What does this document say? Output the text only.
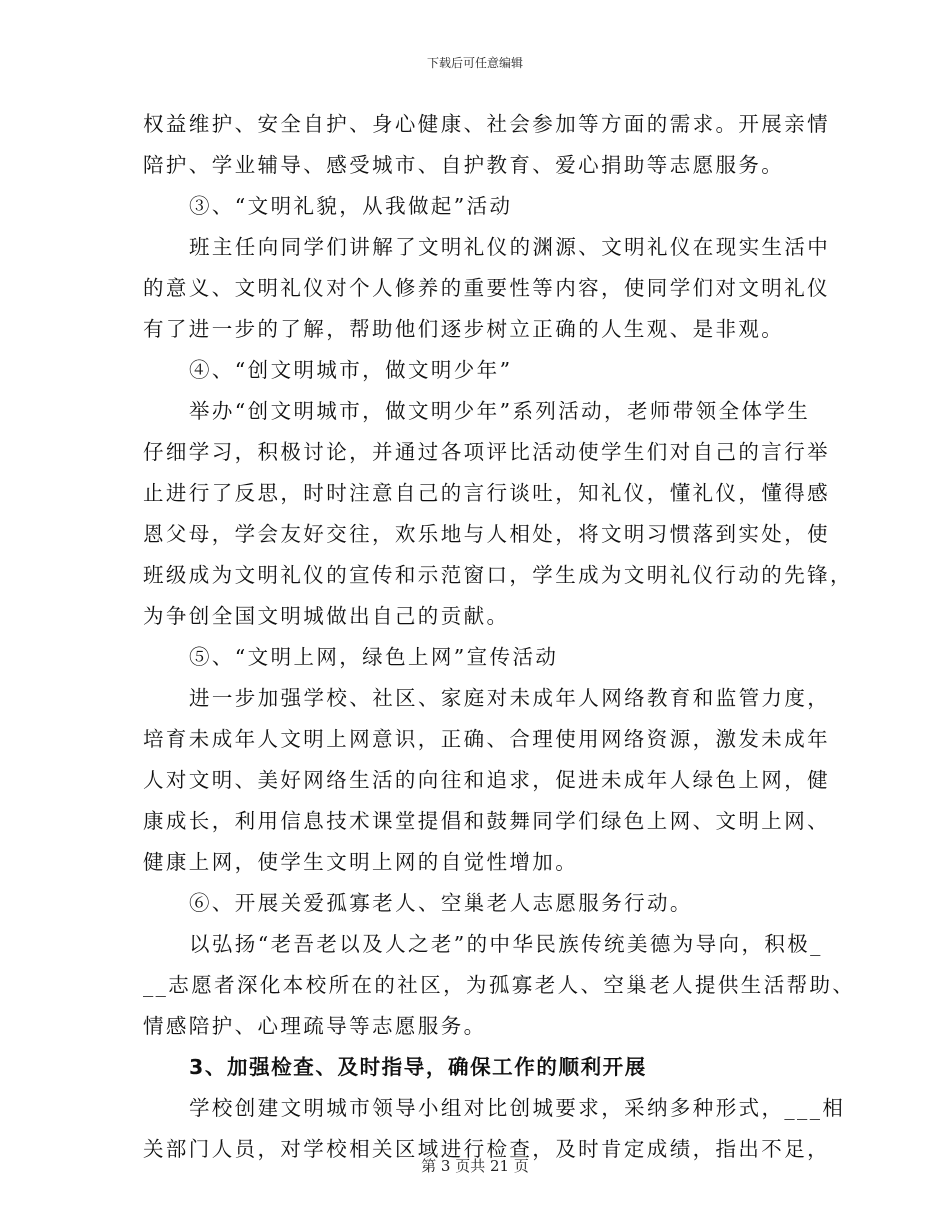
下载后可任意编辑
权益维护、安全自护、身心健康、社会参加等方面的需求。开展亲情
陪护、学业辅导、感受城市、自护教育、爱心捐助等志愿服务。
③、“文明礼貌，从我做起”活动
班主任向同学们讲解了文明礼仪的渊源、文明礼仪在现实生活中
的意义、文明礼仪对个人修养的重要性等内容，使同学们对文明礼仪
有了进一步的了解，帮助他们逐步树立正确的人生观、是非观。
④、“创文明城市，做文明少年”
举办“创文明城市，做文明少年”系列活动，老师带领全体学生
仔细学习，积极讨论，并通过各项评比活动使学生们对自己的言行举
止进行了反思，时时注意自己的言行谈吐，知礼仪，懂礼仪，懂得感
恩父母，学会友好交往，欢乐地与人相处，将文明习惯落到实处，使
班级成为文明礼仪的宣传和示范窗口，学生成为文明礼仪行动的先锋，
为争创全国文明城做出自己的贡献。
⑤、“文明上网，绿色上网”宣传活动
进一步加强学校、社区、家庭对未成年人网络教育和监管力度，
培育未成年人文明上网意识，正确、合理使用网络资源，激发未成年
人对文明、美好网络生活的向往和追求，促进未成年人绿色上网，健
康成长，利用信息技术课堂提倡和鼓舞同学们绿色上网、文明上网、
健康上网，使学生文明上网的自觉性增加。
⑥、开展关爱孤寡老人、空巢老人志愿服务行动。
以弘扬“老吾老以及人之老”的中华民族传统美德为导向，积极_
__志愿者深化本校所在的社区，为孤寡老人、空巢老人提供生活帮助、
情感陪护、心理疏导等志愿服务。
3、加强检查、及时指导，确保工作的顺利开展
学校创建文明城市领导小组对比创城要求，采纳多种形式，___相
关部门人员，对学校相关区域进行检查，及时肯定成绩，指出不足，
第 3 页共 21 页
